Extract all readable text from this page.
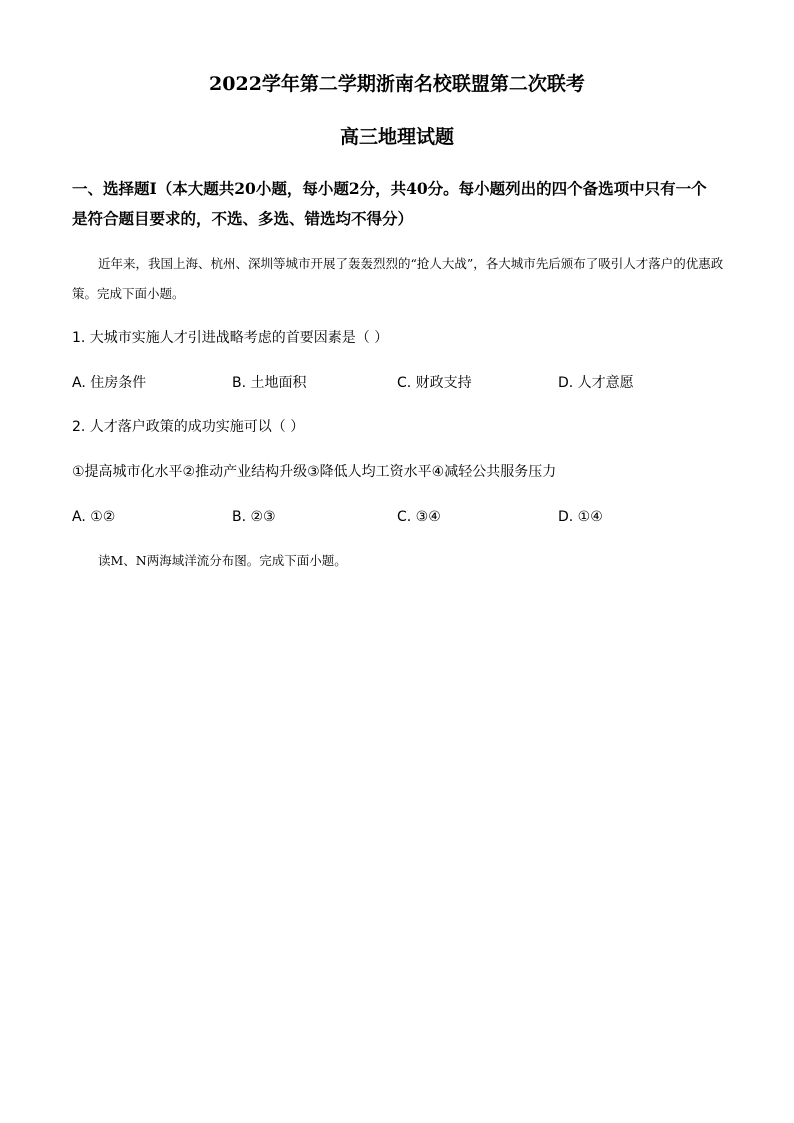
2022学年第二学期浙南名校联盟第二次联考
高三地理试题
一、选择题Ⅰ（本大题共20小题，每小题2分，共40分。每小题列出的四个备选项中只有一个是符合题目要求的，不选、多选、错选均不得分）
近年来，我国上海、杭州、深圳等城市开展了轰轰烈烈的“抢人大战”，各大城市先后颁布了吸引人才落户的优惠政策。完成下面小题。
1. 大城市实施人才引进战略考虑的首要因素是（ ）
A. 住房条件	B. 土地面积	C. 财政支持	D. 人才意愿
2. 人才落户政策的成功实施可以（ ）
①提高城市化水平②推动产业结构升级③降低人均工资水平④减轻公共服务压力
A. ①②	B. ②③	C. ③④	D. ①④
读M、N两海域洋流分布图。完成下面小题。
